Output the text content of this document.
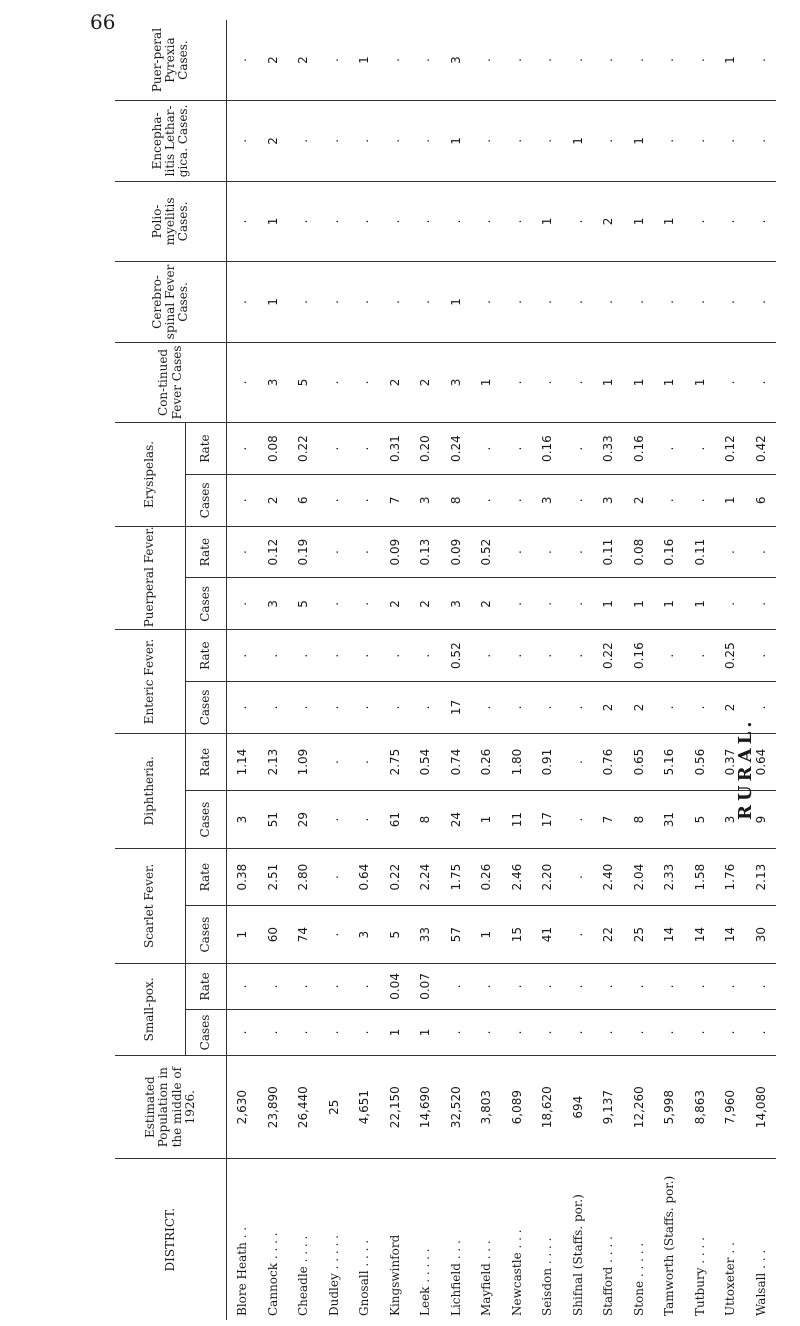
66
DISTRICT.	Estimated Population in the middle of 1926.	Small-pox.		Scarlet Fever.		Diphtheria.		Enteric Fever.		Puerperal Fever.		Erysipelas.		Con-tinued Fever Cases	Cerebro-spinal Fever Cases.	Polio-myelitis Cases.	Encepha-litis Lethar-gica. Cases.	Puer-peral Pyrexia Cases.
		Cases	Rate	Cases	Rate	Cases	Rate	Cases	Rate	Cases	Rate	Cases	Rate					
Blore Heath . .	2,630	.	.	1	0.38	3	1.14	.	.	.	.	.	.	.	.	.	.	.
Cannock . . . .	23,890	.	.	60	2.51	51	2.13	.	.	3	0.12	2	0.08	3	1	1	2	2
Cheadle . . . .	26,440	.	.	74	2.80	29	1.09	.	.	5	0.19	6	0.22	5	.	.	.	2
Dudley . . . . .	25	.	.	.	.	.	.	.	.	.	.	.	.	.	.	.	.	.
Gnosall . . . .	4,651	.	.	3	0.64	.	.	.	.	.	.	.	.	.	.	.	.	1
Kingswinford	22,150	1	0.04	5	0.22	61	2.75	.	.	2	0.09	7	0.31	2	.	.	.	.
Leek . . . . .	14,690	1	0.07	33	2.24	8	0.54	.	.	2	0.13	3	0.20	2	.	.	.	.
Lichfield . . .	32,520	.	.	57	1.75	24	0.74	17	0.52	3	0.09	8	0.24	3	1	.	1	3
Mayfield . . .	3,803	.	.	1	0.26	1	0.26	.	.	2	0.52	.	.	1	.	.	.	.
Newcastle . . .	6,089	.	.	15	2.46	11	1.80	.	.	.	.	.	.	.	.	.	.	.
Seisdon . . . .	18,620	.	.	41	2.20	17	0.91	.	.	.	.	3	0.16	.	.	1	.	.
Shifnal (Staffs. por.)	694	.	.	.	.	.	.	.	.	.	.	.	.	.	.	.	1	.
Stafford . . . .	9,137	.	.	22	2.40	7	0.76	2	0.22	1	0.11	3	0.33	1	.	2	.	.
Stone . . . . .	12,260	.	.	25	2.04	8	0.65	2	0.16	1	0.08	2	0.16	1	.	1	1	.
Tamworth (Staffs. por.)	5,998	.	.	14	2.33	31	5.16	.	.	1	0.16	.	.	1	.	1	.	.
Tutbury . . . .	8,863	.	.	14	1.58	5	0.56	.	.	1	0.11	.	.	1	.	.	.	.
Uttoxeter . .	7,960	.	.	14	1.76	3	0.37	2	0.25	.	.	1	0.12	.	.	.	.	1
Walsall . . .	14,080	.	.	30	2.13	9	0.64	.	.	.	.	6	0.42	.	.	.	.	.
RURAL.
